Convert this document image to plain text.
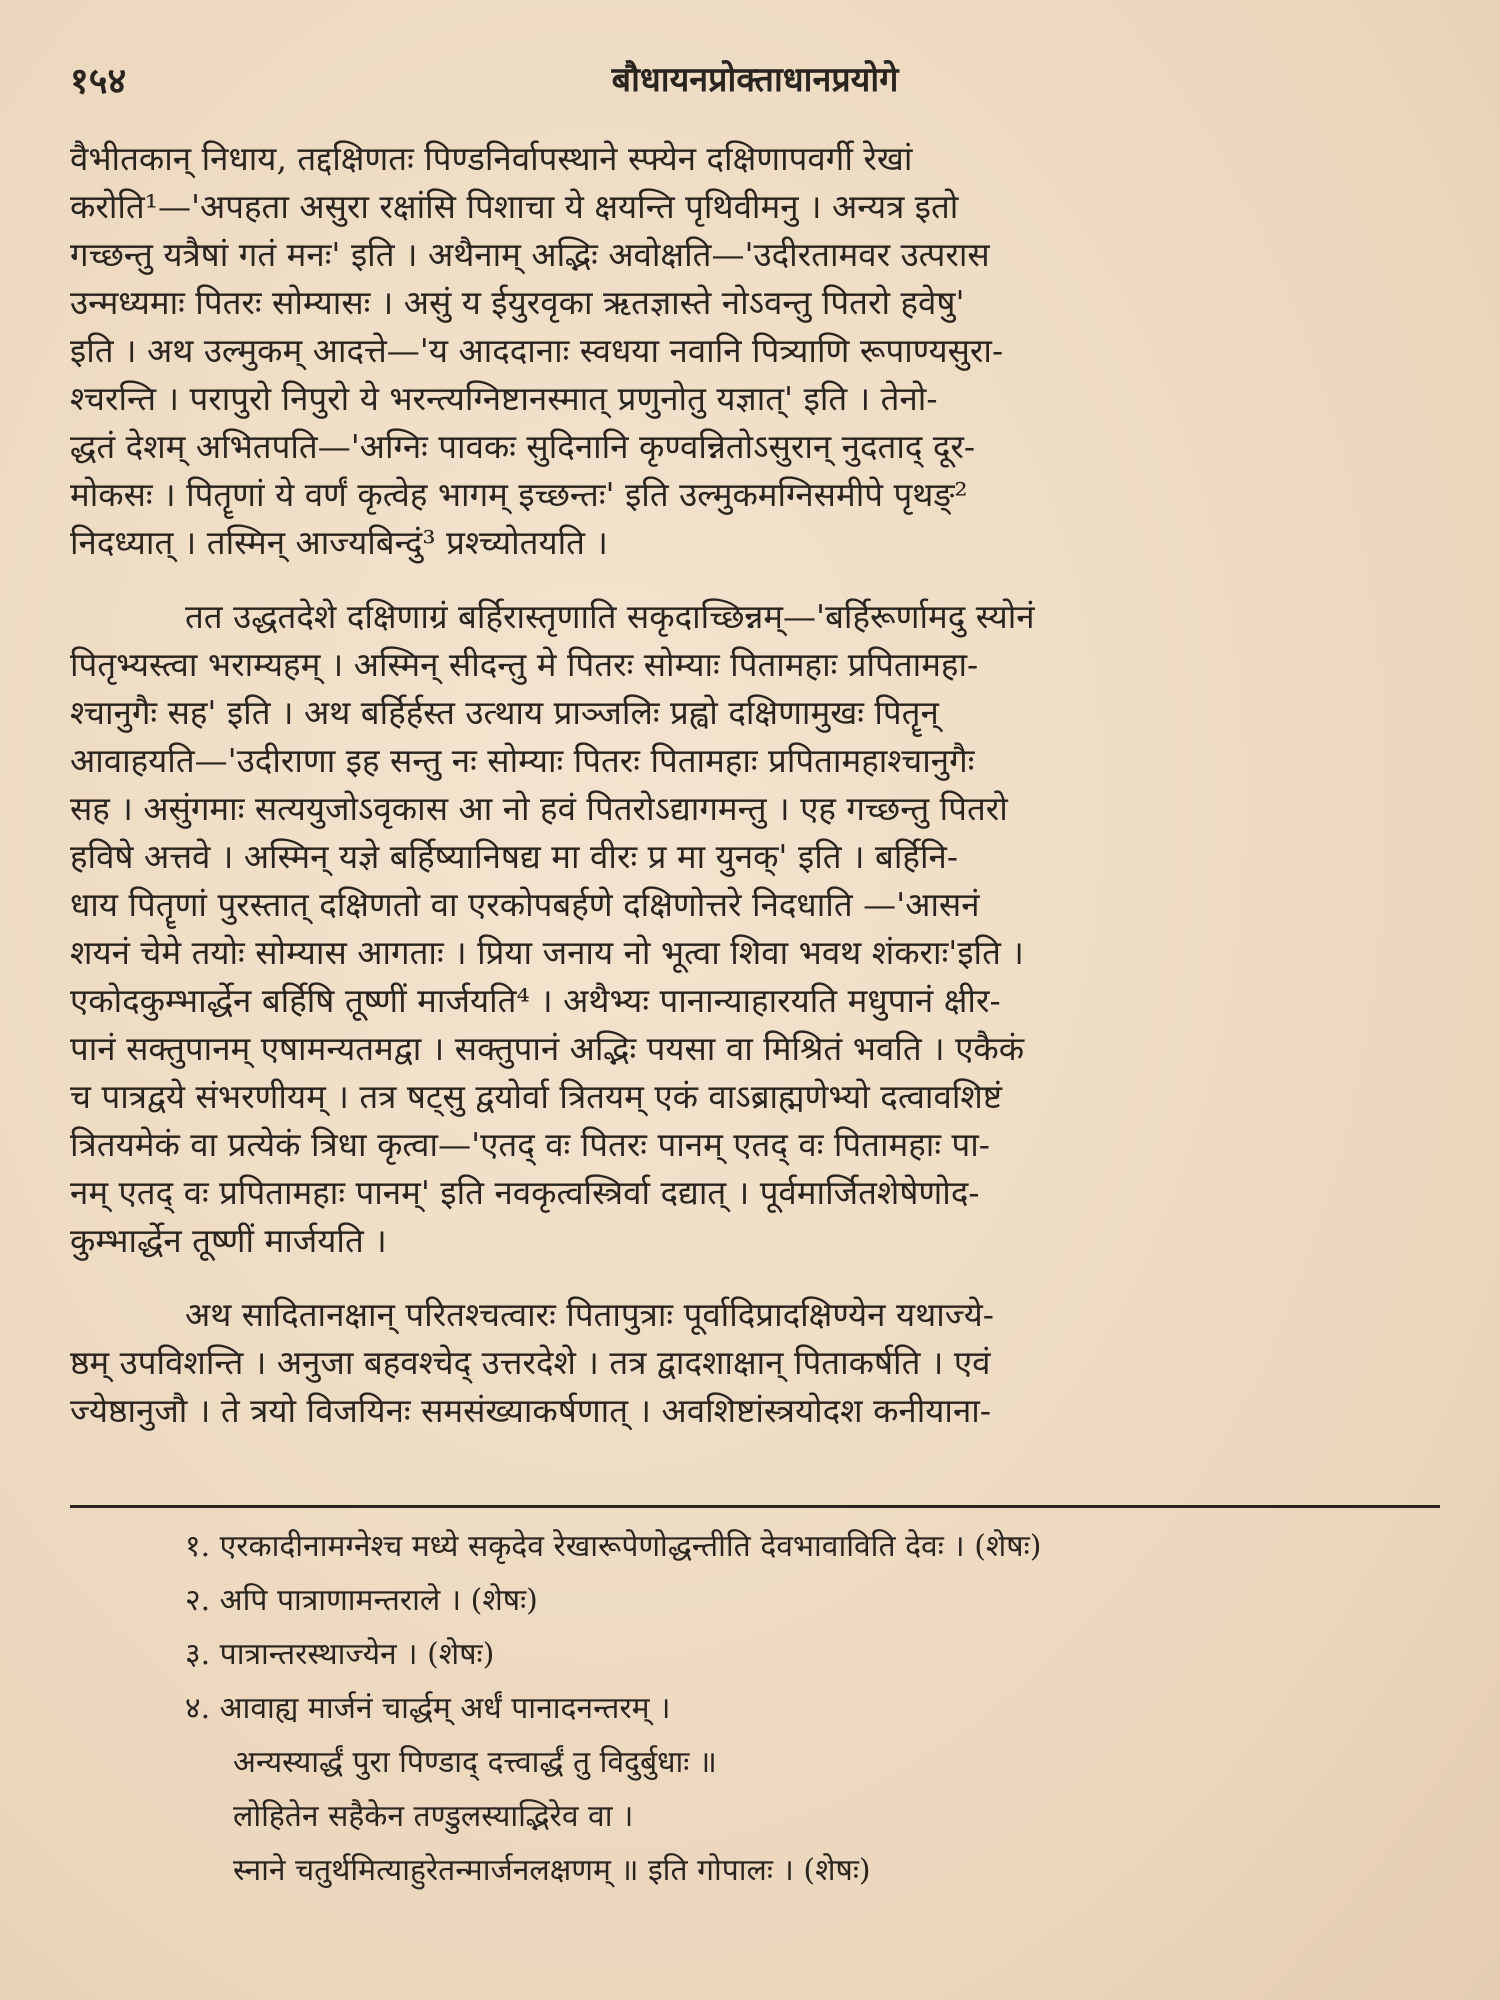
१५४	बौधायनप्रोक्ताधानप्रयोगे
वैभीतकान् निधाय, तद्दक्षिणतः पिण्डनिर्वापस्थाने स्फ्येन दक्षिणापवर्गी रेखां
करोति¹—'अपहता असुरा रक्षांसि पिशाचा ये क्षयन्ति पृथिवीमनु । अन्यत्र इतो
गच्छन्तु यत्रैषां गतं मनः' इति । अथैनाम् अद्भिः अवोक्षति—'उदीरतामवर उत्परास
उन्मध्यमाः पितरः सोम्यासः । असुं य ईयुरवृका ऋतज्ञास्ते नोऽवन्तु पितरो हवेषु'
इति । अथ उल्मुकम् आदत्ते—'य आददानाः स्वधया नवानि पित्र्याणि रूपाण्यसुरा-
श्चरन्ति । परापुरो निपुरो ये भरन्त्यग्निष्टानस्मात् प्रणुनोतु यज्ञात्' इति । तेनो-
द्धतं देशम् अभितपति—'अग्निः पावकः सुदिनानि कृण्वन्नितोऽसुरान् नुदताद् दूर-
मोकसः । पितॄणां ये वर्णं कृत्वेह भागम् इच्छन्तः' इति उल्मुकमग्निसमीपे पृथङ्²
निदध्यात् । तस्मिन् आज्यबिन्दुं³ प्रश्च्योतयति ।
तत उद्धतदेशे दक्षिणाग्रं बर्हिरास्तृणाति सकृदाच्छिन्नम्—'बर्हिरूर्णामदु स्योनं
पितृभ्यस्त्वा भराम्यहम् । अस्मिन् सीदन्तु मे पितरः सोम्याः पितामहाः प्रपितामहा-
श्चानुगैः सह' इति । अथ बर्हिर्हस्त उत्थाय प्राञ्जलिः प्रह्वो दक्षिणामुखः पितॄन्
आवाहयति—'उदीराणा इह सन्तु नः सोम्याः पितरः पितामहाः प्रपितामहाश्चानुगैः
सह । असुंगमाः सत्ययुजोऽवृकास आ नो हवं पितरोऽद्यागमन्तु । एह गच्छन्तु पितरो
हविषे अत्तवे । अस्मिन् यज्ञे बर्हिष्यानिषद्य मा वीरः प्र मा युनक्' इति । बर्हिनि-
धाय पितॄणां पुरस्तात् दक्षिणतो वा एरकोपबर्हणे दक्षिणोत्तरे निदधाति —'आसनं
शयनं चेमे तयोः सोम्यास आगताः । प्रिया जनाय नो भूत्वा शिवा भवथ शंकराः'इति ।
एकोदकुम्भार्द्धेन बर्हिषि तूष्णीं मार्जयति⁴ । अथैभ्यः पानान्याहारयति मधुपानं क्षीर-
पानं सक्तुपानम् एषामन्यतमद्वा । सक्तुपानं अद्भिः पयसा वा मिश्रितं भवति । एकैकं
च पात्रद्वये संभरणीयम् । तत्र षट्सु द्वयोर्वा त्रितयम् एकं वाऽब्राह्मणेभ्यो दत्वावशिष्टं
त्रितयमेकं वा प्रत्येकं त्रिधा कृत्वा—'एतद् वः पितरः पानम् एतद् वः पितामहाः पा-
नम् एतद् वः प्रपितामहाः पानम्' इति नवकृत्वस्त्रिर्वा दद्यात् । पूर्वमार्जितशेषेणोद-
कुम्भार्द्धेन तूष्णीं मार्जयति ।
अथ सादितानक्षान् परितश्चत्वारः पितापुत्राः पूर्वादिप्रादक्षिण्येन यथाज्ये-
ष्ठम् उपविशन्ति । अनुजा बहवश्चेद् उत्तरदेशे । तत्र द्वादशाक्षान् पिताकर्षति । एवं
ज्येष्ठानुजौ । ते त्रयो विजयिनः समसंख्याकर्षणात् । अवशिष्टांस्त्रयोदश कनीयाना-
१. एरकादीनामग्नेश्च मध्ये सकृदेव रेखारूपेणोद्धन्तीति देवभावाविति देवः । (शेषः)
२. अपि पात्राणामन्तराले । (शेषः)
३. पात्रान्तरस्थाज्येन । (शेषः)
४. आवाह्य मार्जनं चार्द्धम् अर्धं पानादनन्तरम् ।
अन्यस्यार्द्धं पुरा पिण्डाद् दत्त्वार्द्धं तु विदुर्बुधाः ॥
लोहितेन सहैकेन तण्डुलस्याद्भिरेव वा ।
स्नाने चतुर्थमित्याहुरेतन्मार्जनलक्षणम् ॥ इति गोपालः । (शेषः)
